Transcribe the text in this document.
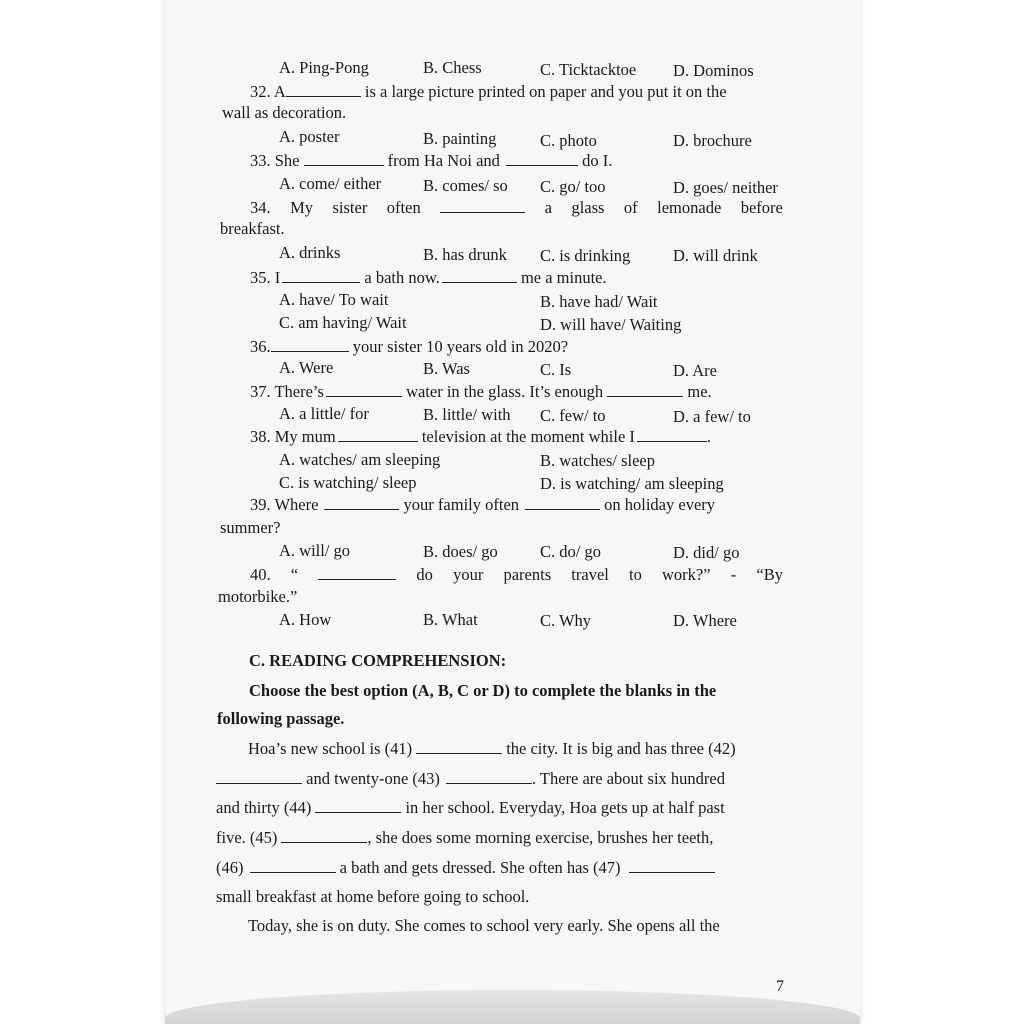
A. Ping-Pong	B. Chess	C. Ticktacktoe D. Dominos
32. A	is a large picture printed on paper and you put it on the
wall as decoration.
A. poster	B. painting	C. photo	D. brochure
33. She	from Ha Noi and	do I.
A. come/ either	B. comes/ so C. go/ too	D. goes/ neither
34. My sister often	a glass of lemonade before
breakfast.
A. drinks	B. has drunk C. is drinking	D. will drink
35. I	a bath now.	me a minute.
A. have/ To wait	B. have had/ Wait
C. am having/ Wait	D. will have/ Waiting
36.	your sister 10 years old in 2020?
A. Were	B. Was	C. Is	D. Are
37. There’s	water in the glass. It’s enough	me.
A. a little/ for	B. little/ with C. few/ to	D. a few/ to
38. My mum	television at the moment while I	.
A. watches/ am sleeping	B. watches/ sleep
C. is watching/ sleep	D. is watching/ am sleeping
39. Where	your family often	on holiday every
summer?
A. will/ go	B. does/ go	C. do/ go	D. did/ go
40. “	do your parents travel to work?” - “By
motorbike.”
A. How	B. What	C. Why	D. Where
C. READING COMPREHENSION:
Choose the best option (A, B, C or D) to complete the blanks in the
following passage.
Hoa’s new school is (41)	the city. It is big and has three (42)
and twenty-one (43)	. There are about six hundred
and thirty (44)	in her school. Everyday, Hoa gets up at half past
five. (45)	, she does some morning exercise, brushes her teeth,
(46)	a bath and gets dressed. She often has (47)
small breakfast at home before going to school.
Today, she is on duty. She comes to school very early. She opens all the
7
